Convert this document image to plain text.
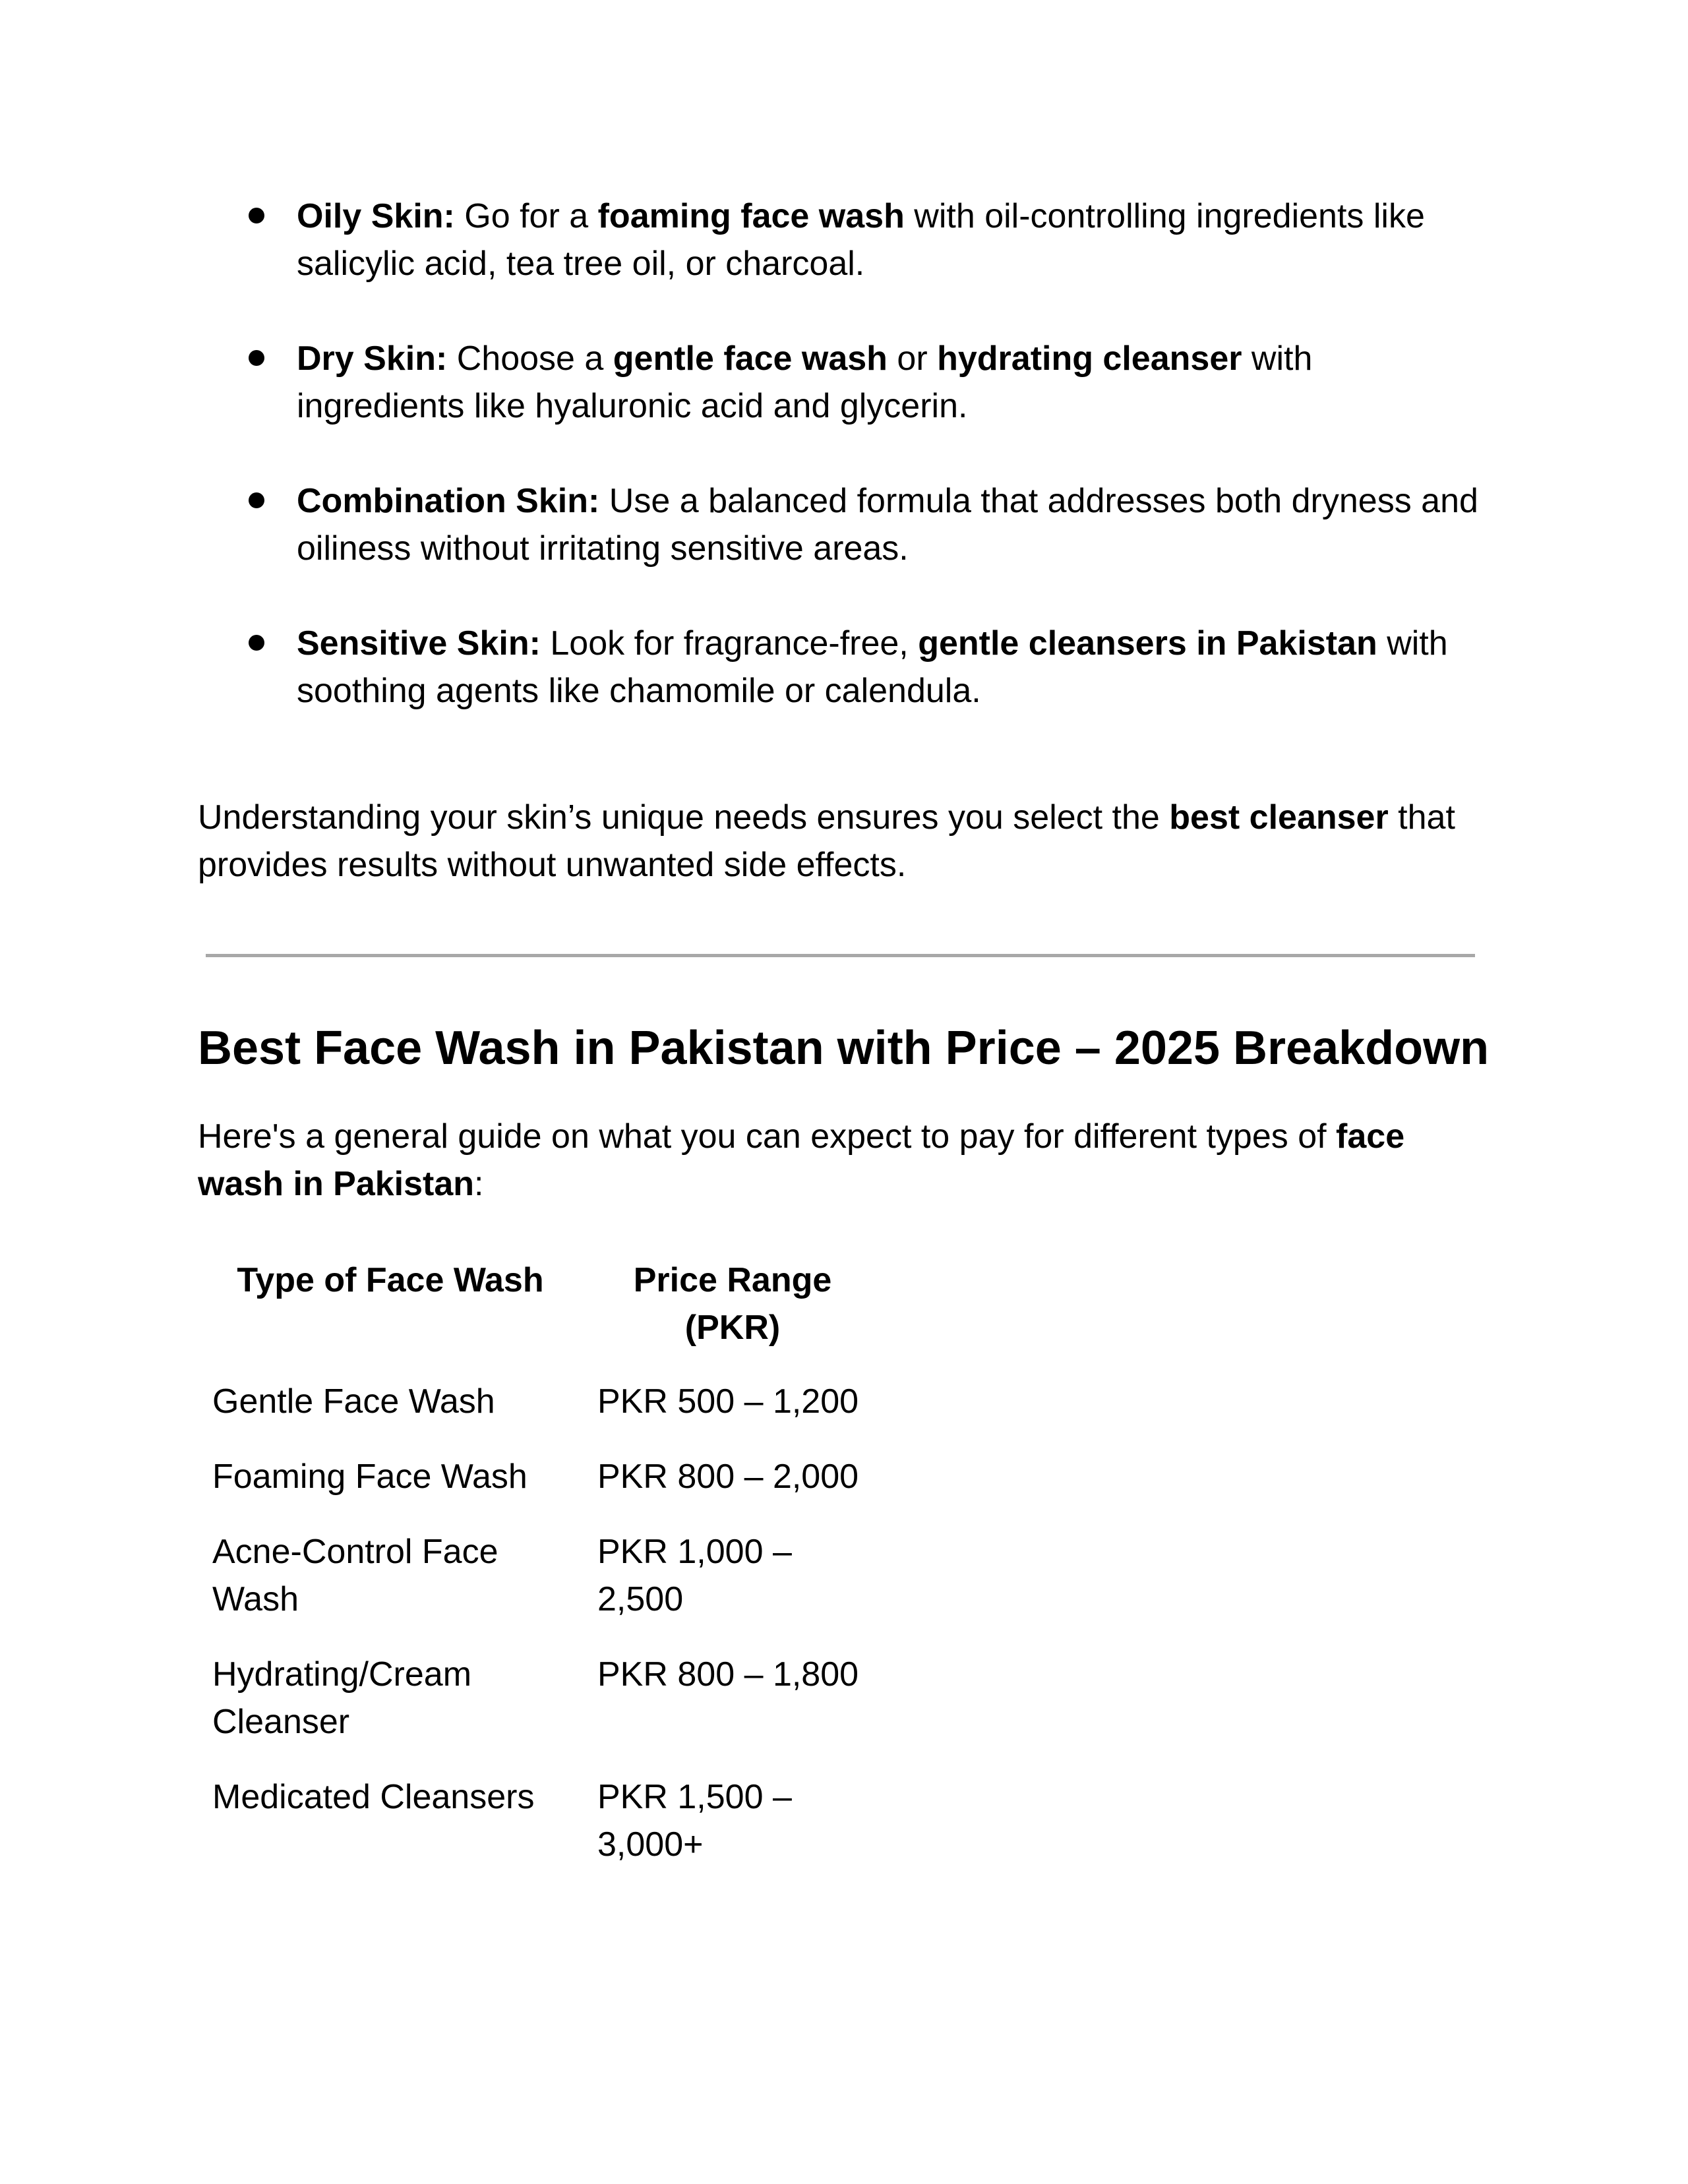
Oily Skin: Go for a foaming face wash with oil-controlling ingredients like salicylic acid, tea tree oil, or charcoal.
Dry Skin: Choose a gentle face wash or hydrating cleanser with ingredients like hyaluronic acid and glycerin.
Combination Skin: Use a balanced formula that addresses both dryness and oiliness without irritating sensitive areas.
Sensitive Skin: Look for fragrance-free, gentle cleansers in Pakistan with soothing agents like chamomile or calendula.

Understanding your skin’s unique needs ensures you select the best cleanser that provides results without unwanted side effects.

Best Face Wash in Pakistan with Price – 2025 Breakdown

Here's a general guide on what you can expect to pay for different types of face wash in Pakistan:

Type of Face Wash	Price Range (PKR)
Gentle Face Wash	PKR 500 – 1,200
Foaming Face Wash	PKR 800 – 2,000
Acne-Control Face Wash	PKR 1,000 – 2,500
Hydrating/Cream Cleanser	PKR 800 – 1,800
Medicated Cleansers	PKR 1,500 – 3,000+
